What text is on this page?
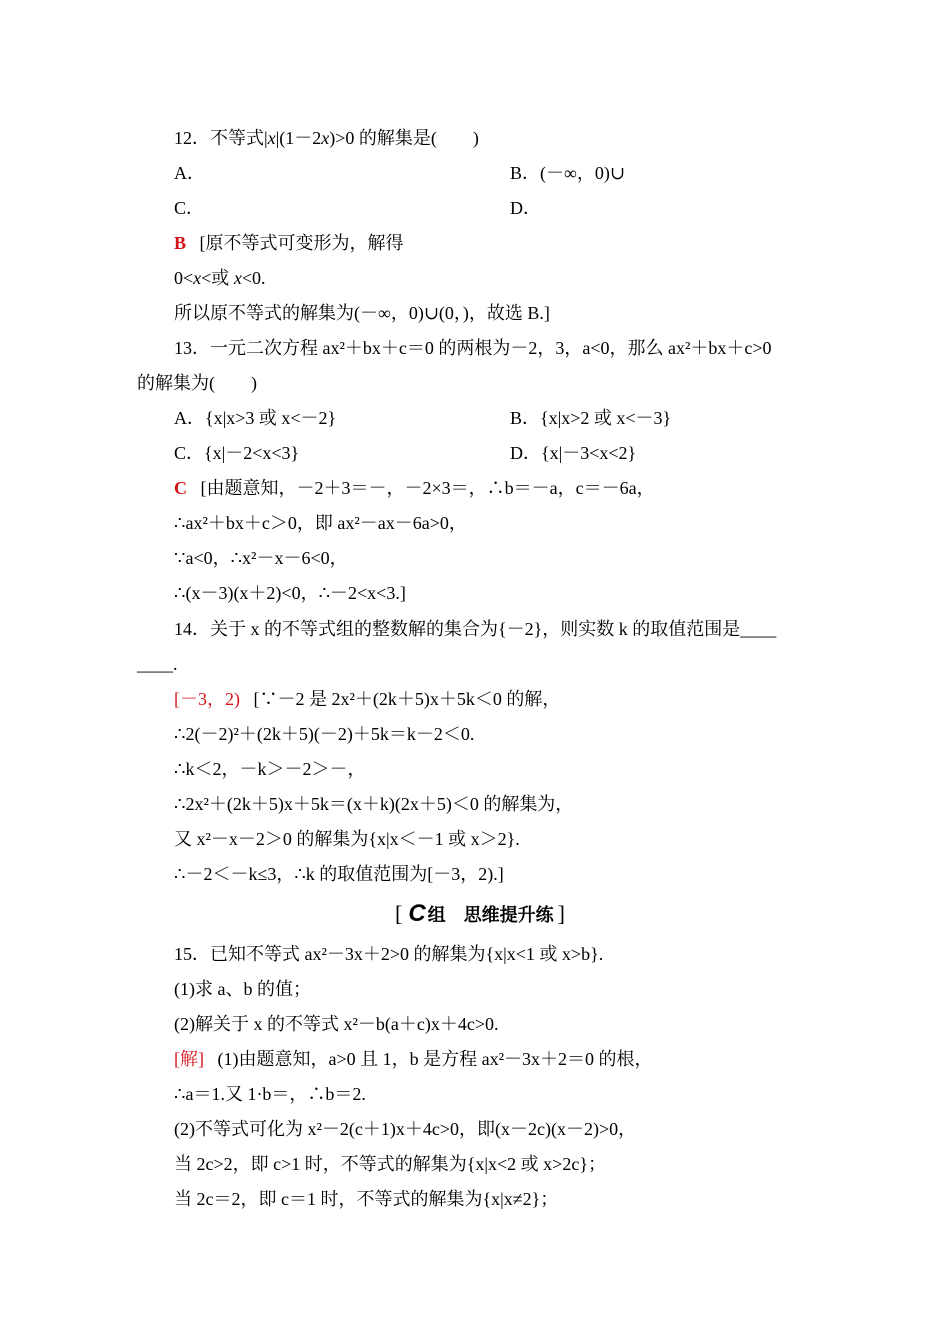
12．不等式|x|(1－2x)>0 的解集是(　　)
A．	B．(－∞，0)∪
C．	D．
B [原不等式可变形为，解得
0<x<或 x<0.
所以原不等式的解集为(－∞，0)∪(0，)，故选 B.]
13．一元二次方程 ax²＋bx＋c＝0 的两根为－2，3，a<0，那么 ax²＋bx＋c>0
的解集为(　　)
A．{x|x>3 或 x<－2}	B．{x|x>2 或 x<－3}
C．{x|－2<x<3}	D．{x|－3<x<2}
C [由题意知，－2＋3＝－，－2×3＝，∴b＝－a，c＝－6a，
∴ax²＋bx＋c＞0，即 ax²－ax－6a>0，
∵a<0，∴x²－x－6<0，
∴(x－3)(x＋2)<0，∴－2<x<3.]
14．关于 x 的不等式组的整数解的集合为{－2}，则实数 k 的取值范围是____
____.
[－3，2) [∵－2 是 2x²＋(2k＋5)x＋5k＜0 的解，
∴2(－2)²＋(2k＋5)(－2)＋5k＝k－2＜0.
∴k＜2，－k＞－2＞－，
∴2x²＋(2k＋5)x＋5k＝(x＋k)(2x＋5)＜0 的解集为，
又 x²－x－2＞0 的解集为{x|x＜－1 或 x＞2}.
∴－2＜－k≤3，∴k 的取值范围为[－3，2).]
[ C 组　思维提升练 ]
15．已知不等式 ax²－3x＋2>0 的解集为{x|x<1 或 x>b}.
(1)求 a、b 的值；
(2)解关于 x 的不等式 x²－b(a＋c)x＋4c>0.
[解] (1)由题意知，a>0 且 1，b 是方程 ax²－3x＋2＝0 的根，
∴a＝1.又 1·b＝，∴b＝2.
(2)不等式可化为 x²－2(c＋1)x＋4c>0，即(x－2c)(x－2)>0，
当 2c>2，即 c>1 时，不等式的解集为{x|x<2 或 x>2c}；
当 2c＝2，即 c＝1 时，不等式的解集为{x|x≠2}；
